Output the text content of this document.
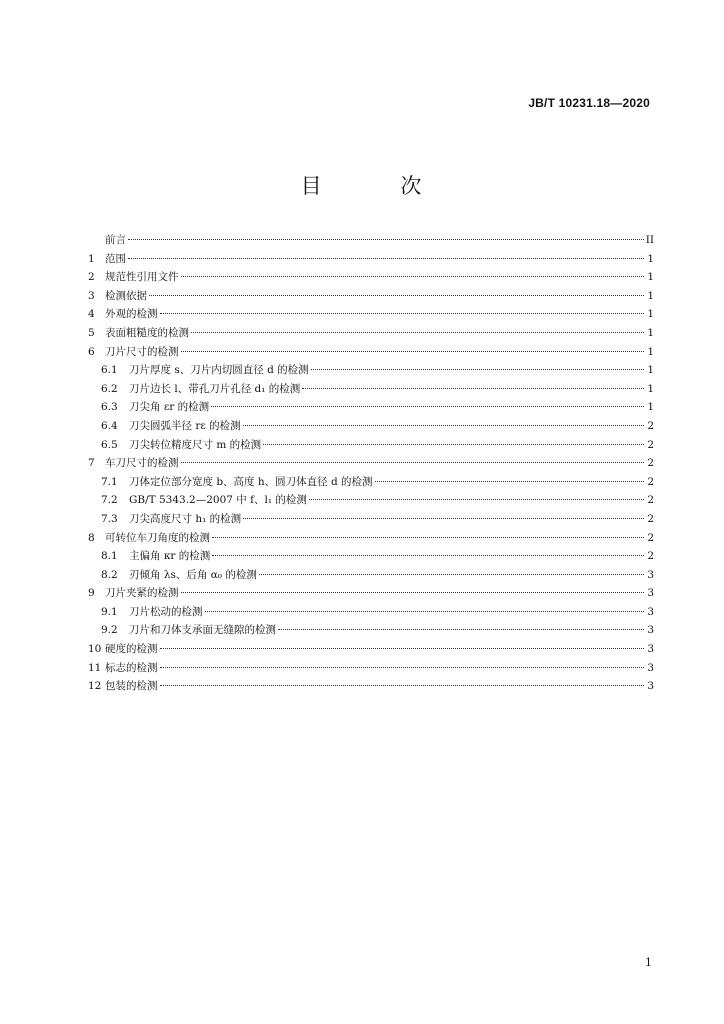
JB/T 10231.18—2020
目 次
前言	II
1 范围	1
2 规范性引用文件	1
3 检测依据	1
4 外观的检测	1
5 表面粗糙度的检测	1
6 刀片尺寸的检测	1
6.1	刀片厚度 s、刀片内切圆直径 d 的检测	1
6.2	刀片边长 l、带孔刀片孔径 d₁ 的检测	1
6.3	刀尖角 εr 的检测	1
6.4	刀尖圆弧半径 rε 的检测	2
6.5	刀尖转位精度尺寸 m 的检测	2
7 车刀尺寸的检测	2
7.1	刀体定位部分宽度 b、高度 h、圆刀体直径 d 的检测	2
7.2	GB/T 5343.2—2007 中 f、l₁ 的检测	2
7.3	刀尖高度尺寸 h₁ 的检测	2
8 可转位车刀角度的检测	2
8.1	主偏角 κr 的检测	2
8.2	刃倾角 λs、后角 α₀ 的检测	3
9 刀片夹紧的检测	3
9.1	刀片松动的检测	3
9.2	刀片和刀体支承面无缝隙的检测	3
10 硬度的检测	3
11 标志的检测	3
12 包装的检测	3
1
